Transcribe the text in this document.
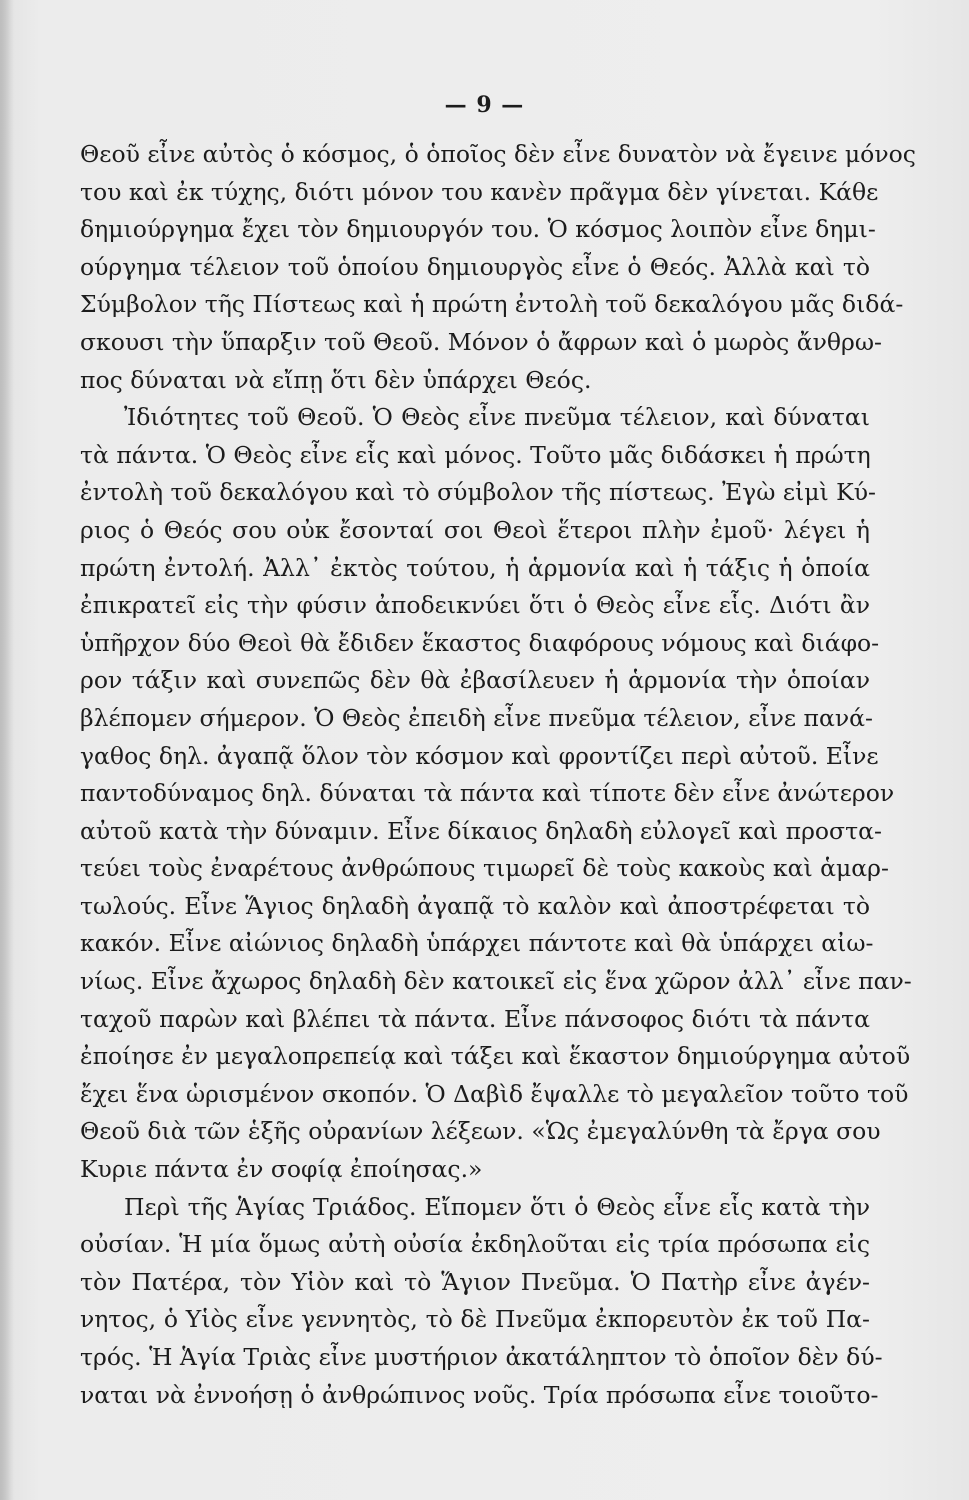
— 9 —
Θεοῦ εἶνε αὐτὸς ὁ κόσμος, ὁ ὁποῖος δὲν εἶνε δυνατὸν νὰ ἔγεινε μόνος
του καὶ ἐκ τύχης, διότι μόνον του κανὲν πρᾶγμα δὲν γίνεται. Κάθε
δημιούργημα ἔχει τὸν δημιουργόν του. Ὁ κόσμος λοιπὸν εἶνε δημι-
ούργημα τέλειον τοῦ ὁποίου δημιουργὸς εἶνε ὁ Θεός. Ἀλλὰ καὶ τὸ
Σύμβολον τῆς Πίστεως καὶ ἡ πρώτη ἐντολὴ τοῦ δεκαλόγου μᾶς διδά-
σκουσι τὴν ὕπαρξιν τοῦ Θεοῦ. Μόνον ὁ ἄφρων καὶ ὁ μωρὸς ἄνθρω-
πος δύναται νὰ εἴπῃ ὅτι δὲν ὑπάρχει Θεός.
Ἰδιότητες τοῦ Θεοῦ. Ὁ Θεὸς εἶνε πνεῦμα τέλειον, καὶ δύναται
τὰ πάντα. Ὁ Θεὸς εἶνε εἷς καὶ μόνος. Τοῦτο μᾶς διδάσκει ἡ πρώτη
ἐντολὴ τοῦ δεκαλόγου καὶ τὸ σύμβολον τῆς πίστεως. Ἐγὼ εἰμὶ Κύ-
ριος ὁ Θεός σου οὐκ ἔσονταί σοι Θεοὶ ἕτεροι πλὴν ἐμοῦ· λέγει ἡ
πρώτη ἐντολή. Ἀλλ᾽ ἐκτὸς τούτου, ἡ ἁρμονία καὶ ἡ τάξις ἡ ὁποία
ἐπικρατεῖ εἰς τὴν φύσιν ἀποδεικνύει ὅτι ὁ Θεὸς εἶνε εἷς. Διότι ἂν
ὑπῆρχον δύο Θεοὶ θὰ ἔδιδεν ἕκαστος διαφόρους νόμους καὶ διάφο-
ρον τάξιν καὶ συνεπῶς δὲν θὰ ἐβασίλευεν ἡ ἁρμονία τὴν ὁποίαν
βλέπομεν σήμερον. Ὁ Θεὸς ἐπειδὴ εἶνε πνεῦμα τέλειον, εἶνε πανά-
γαθος δηλ. ἀγαπᾷ ὅλον τὸν κόσμον καὶ φροντίζει περὶ αὐτοῦ. Εἶνε
παντοδύναμος δηλ. δύναται τὰ πάντα καὶ τίποτε δὲν εἶνε ἀνώτερον
αὐτοῦ κατὰ τὴν δύναμιν. Εἶνε δίκαιος δηλαδὴ εὐλογεῖ καὶ προστα-
τεύει τοὺς ἐναρέτους ἀνθρώπους τιμωρεῖ δὲ τοὺς κακοὺς καὶ ἁμαρ-
τωλούς. Εἶνε Ἅγιος δηλαδὴ ἀγαπᾷ τὸ καλὸν καὶ ἀποστρέφεται τὸ
κακόν. Εἶνε αἰώνιος δηλαδὴ ὑπάρχει πάντοτε καὶ θὰ ὑπάρχει αἰω-
νίως. Εἶνε ἄχωρος δηλαδὴ δὲν κατοικεῖ εἰς ἕνα χῶρον ἀλλ᾽ εἶνε παν-
ταχοῦ παρὼν καὶ βλέπει τὰ πάντα. Εἶνε πάνσοφος διότι τὰ πάντα
ἐποίησε ἐν μεγαλοπρεπείᾳ καὶ τάξει καὶ ἕκαστον δημιούργημα αὐτοῦ
ἔχει ἕνα ὡρισμένον σκοπόν. Ὁ Δαβὶδ ἔψαλλε τὸ μεγαλεῖον τοῦτο τοῦ
Θεοῦ διὰ τῶν ἑξῆς οὐρανίων λέξεων. «Ὡς ἐμεγαλύνθη τὰ ἔργα σου
Κυριε πάντα ἐν σοφίᾳ ἐποίησας.»
Περὶ τῆς Ἁγίας Τριάδος. Εἴπομεν ὅτι ὁ Θεὸς εἶνε εἷς κατὰ τὴν
οὐσίαν. Ἡ μία ὅμως αὐτὴ οὐσία ἐκδηλοῦται εἰς τρία πρόσωπα εἰς
τὸν Πατέρα, τὸν Υἱὸν καὶ τὸ Ἅγιον Πνεῦμα. Ὁ Πατὴρ εἶνε ἀγέν-
νητος, ὁ Υἱὸς εἶνε γεννητὸς, τὸ δὲ Πνεῦμα ἐκπορευτὸν ἐκ τοῦ Πα-
τρός. Ἡ Ἁγία Τριὰς εἶνε μυστήριον ἀκατάληπτον τὸ ὁποῖον δὲν δύ-
ναται νὰ ἐννοήσῃ ὁ ἀνθρώπινος νοῦς. Τρία πρόσωπα εἶνε τοιοῦτο-
